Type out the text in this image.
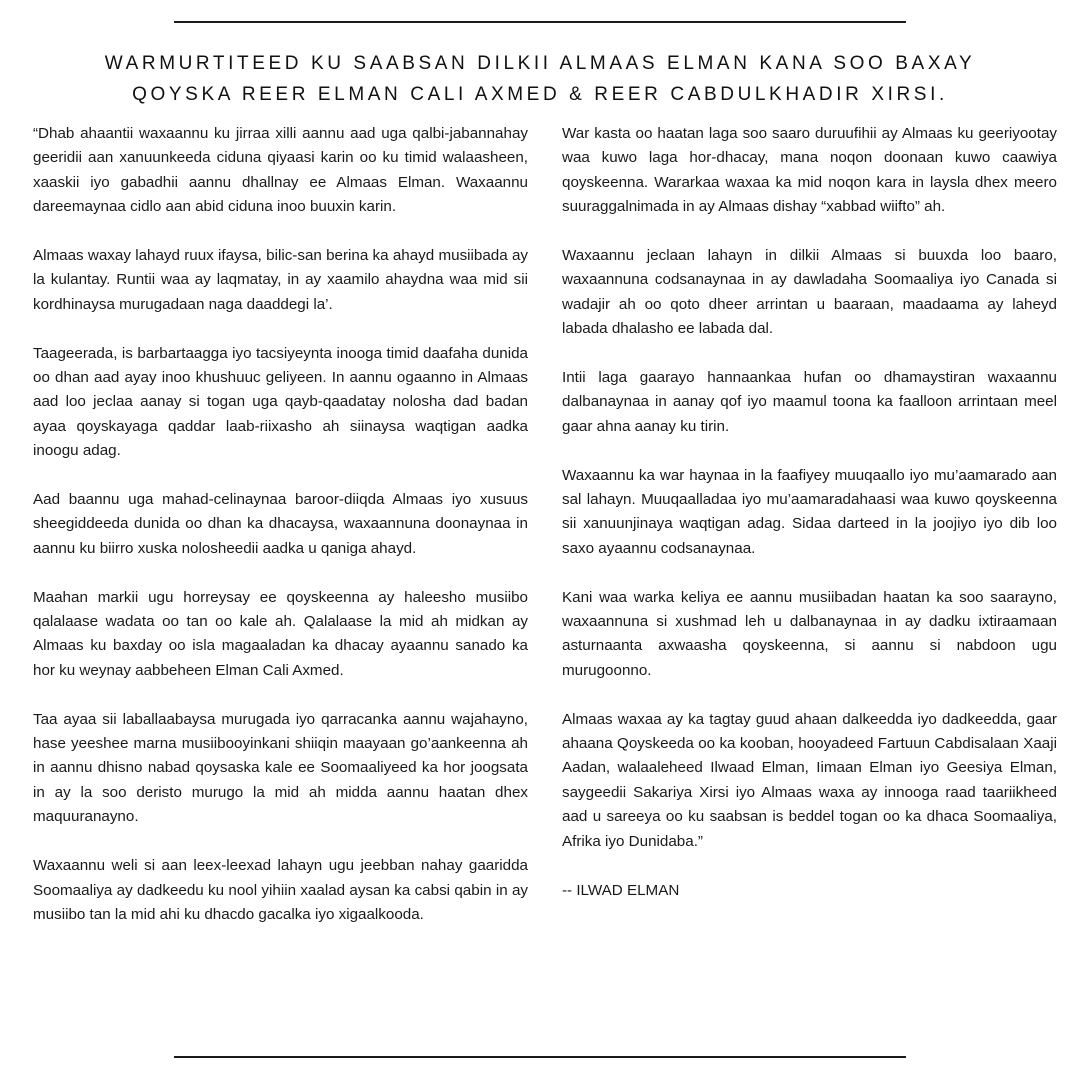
WARMURTITEED KU SAABSAN DILKII ALMAAS ELMAN KANA SOO BAXAY
QOYSKA REER ELMAN CALI AXMED & REER CABDULKHADIR XIRSI.

“Dhab ahaantii waxaannu ku jirraa xilli aannu aad uga qalbi-jabannahay geeridii aan xanuunkeeda ciduna qiyaasi karin oo ku timid walaasheen, xaaskii iyo gabadhii aannu dhallnay ee Almaas Elman. Waxaannu dareemaynaa cidlo aan abid ciduna inoo buuxin karin.

Almaas waxay lahayd ruux ifaysa, bilic-san berina ka ahayd musiibada ay la kulantay. Runtii waa ay laqmatay, in ay xaamilo ahaydna waa mid sii kordhinaysa murugadaan naga daaddegi la’.

Taageerada, is barbartaagga iyo tacsiyeynta inooga timid daafaha dunida oo dhan aad ayay inoo khushuuc geliyeen. In aannu ogaanno in Almaas aad loo jeclaa aanay si togan uga qayb-qaadatay nolosha dad badan ayaa qoyskayaga qaddar laab-riixasho ah siinaysa waqtigan aadka inoogu adag.

Aad baannu uga mahad-celinaynaa baroor-diiqda Almaas iyo xusuus sheegiddeeda dunida oo dhan ka dhacaysa, waxaannuna doonaynaa in aannu ku biirro xuska nolosheedii aadka u qaniga ahayd.

Maahan markii ugu horreysay ee qoyskeenna ay haleesho musiibo qalalaase wadata oo tan oo kale ah. Qalalaase la mid ah midkan ay Almaas ku baxday oo isla magaaladan ka dhacay ayaannu sanado ka hor ku weynay aabbeheen Elman Cali Axmed.

Taa ayaa sii laballaabaysa murugada iyo qarracanka aannu wajahayno, hase yeeshee marna musiibooyinkani shiiqin maayaan go’aankeenna ah in aannu dhisno nabad qoysaska kale ee Soomaaliyeed ka hor joogsata in ay la soo deristo murugo la mid ah midda aannu haatan dhex maquuranayno.

Waxaannu weli si aan leex-leexad lahayn ugu jeebban nahay gaaridda Soomaaliya ay dadkeedu ku nool yihiin xaalad aysan ka cabsi qabin in ay musiibo tan la mid ahi ku dhacdo gacalka iyo xigaalkooda.

War kasta oo haatan laga soo saaro duruufihii ay Almaas ku geeriyootay waa kuwo laga hor-dhacay, mana noqon doonaan kuwo caawiya qoyskeenna. Wararkaa waxaa ka mid noqon kara in laysla dhex meero suuraggalnimada in ay Almaas dishay “xabbad wiifto” ah.

Waxaannu jeclaan lahayn in dilkii Almaas si buuxda loo baaro, waxaannuna codsanaynaa in ay dawladaha Soomaaliya iyo Canada si wadajir ah oo qoto dheer arrintan u baaraan, maadaama ay laheyd labada dhalasho ee labada dal.

Intii laga gaarayo hannaankaa hufan oo dhamaystiran waxaannu dalbanaynaa in aanay qof iyo maamul toona ka faalloon arrintaan meel gaar ahna aanay ku tirin.

Waxaannu ka war haynaa in la faafiyey muuqaallo iyo mu’aamarado aan sal lahayn. Muuqaalladaa iyo mu’aamaradahaasi waa kuwo qoyskeenna sii xanuunjinaya waqtigan adag. Sidaa darteed in la joojiyo iyo dib loo saxo ayaannu codsanaynaa.

Kani waa warka keliya ee aannu musiibadan haatan ka soo saarayno, waxaannuna si xushmad leh u dalbanaynaa in ay dadku ixtiraamaan asturnaanta axwaasha qoyskeenna, si aannu si nabdoon ugu murugoonno.

Almaas waxaa ay ka tagtay guud ahaan dalkeedda iyo dadkeedda, gaar ahaana Qoyskeeda oo ka kooban, hooyadeed Fartuun Cabdisalaan Xaaji Aadan, walaaleheed Ilwaad Elman, Iimaan Elman iyo Geesiya Elman, saygeedii Sakariya Xirsi iyo Almaas waxa ay innooga raad taariikheed aad u sareeya oo ku saabsan is beddel togan oo ka dhaca Soomaaliya, Afrika iyo Dunidaba.”

-- ILWAD ELMAN
